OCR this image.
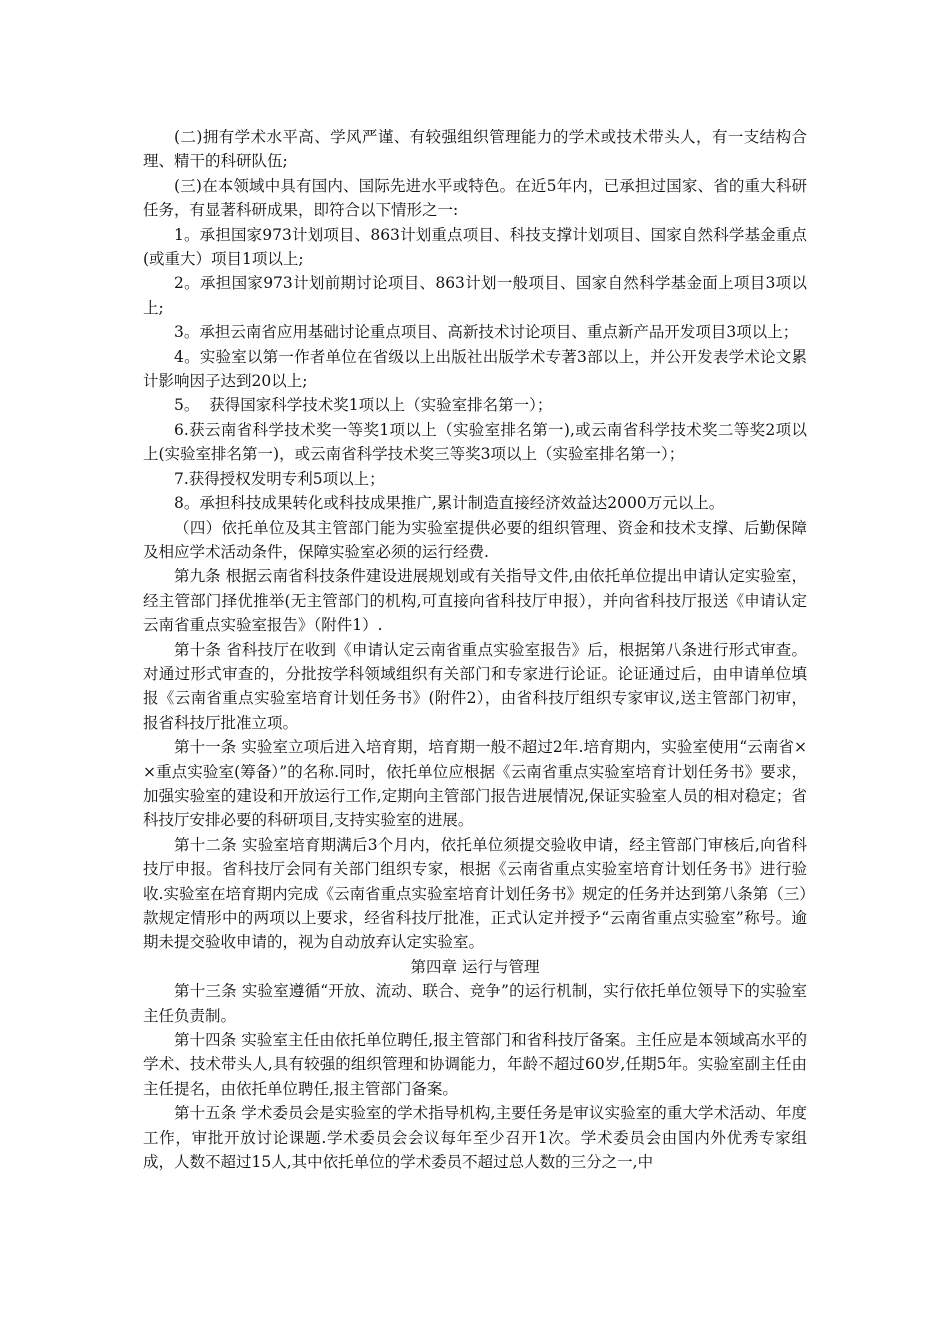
(二)拥有学术水平高、学风严谨、有较强组织管理能力的学术或技术带头人，有一支结构合理、精干的科研队伍;

(三)在本领域中具有国内、国际先进水平或特色。在近5年内，已承担过国家、省的重大科研任务，有显著科研成果，即符合以下情形之一:

1。承担国家973计划项目、863计划重点项目、科技支撑计划项目、国家自然科学基金重点(或重大）项目1项以上;

2。承担国家973计划前期讨论项目、863计划一般项目、国家自然科学基金面上项目3项以上;

3。承担云南省应用基础讨论重点项目、高新技术讨论项目、重点新产品开发项目3项以上；

4。实验室以第一作者单位在省级以上出版社出版学术专著3部以上，并公开发表学术论文累计影响因子达到20以上;

5。  获得国家科学技术奖1项以上（实验室排名第一）；

6.获云南省科学技术奖一等奖1项以上（实验室排名第一),或云南省科学技术奖二等奖2项以上(实验室排名第一)，或云南省科学技术奖三等奖3项以上（实验室排名第一）；

7.获得授权发明专利5项以上；

8。承担科技成果转化或科技成果推广,累计制造直接经济效益达2000万元以上。

（四）依托单位及其主管部门能为实验室提供必要的组织管理、资金和技术支撑、后勤保障及相应学术活动条件，保障实验室必须的运行经费.

第九条 根据云南省科技条件建设进展规划或有关指导文件,由依托单位提出申请认定实验室，经主管部门择优推举(无主管部门的机构,可直接向省科技厅申报），并向省科技厅报送《申请认定云南省重点实验室报告》（附件1）.

第十条 省科技厅在收到《申请认定云南省重点实验室报告》后，根据第八条进行形式审查。对通过形式审查的，分批按学科领域组织有关部门和专家进行论证。论证通过后，由申请单位填报《云南省重点实验室培育计划任务书》(附件2），由省科技厅组织专家审议,送主管部门初审，报省科技厅批准立项。

第十一条 实验室立项后进入培育期，培育期一般不超过2年.培育期内，实验室使用“云南省××重点实验室(筹备）”的名称.同时，依托单位应根据《云南省重点实验室培育计划任务书》要求，加强实验室的建设和开放运行工作,定期向主管部门报告进展情况,保证实验室人员的相对稳定；省科技厅安排必要的科研项目,支持实验室的进展。

第十二条 实验室培育期满后3个月内，依托单位须提交验收申请，经主管部门审核后,向省科技厅申报。省科技厅会同有关部门组织专家，根据《云南省重点实验室培育计划任务书》进行验收.实验室在培育期内完成《云南省重点实验室培育计划任务书》规定的任务并达到第八条第（三）款规定情形中的两项以上要求，经省科技厅批准，正式认定并授予“云南省重点实验室”称号。逾期未提交验收申请的，视为自动放弃认定实验室。

第四章 运行与管理

第十三条 实验室遵循“开放、流动、联合、竞争”的运行机制，实行依托单位领导下的实验室主任负责制。

第十四条 实验室主任由依托单位聘任,报主管部门和省科技厅备案。主任应是本领域高水平的学术、技术带头人,具有较强的组织管理和协调能力，年龄不超过60岁,任期5年。实验室副主任由主任提名，由依托单位聘任,报主管部门备案。

第十五条 学术委员会是实验室的学术指导机构,主要任务是审议实验室的重大学术活动、年度工作，审批开放讨论课题.学术委员会会议每年至少召开1次。学术委员会由国内外优秀专家组成，人数不超过15人,其中依托单位的学术委员不超过总人数的三分之一,中
